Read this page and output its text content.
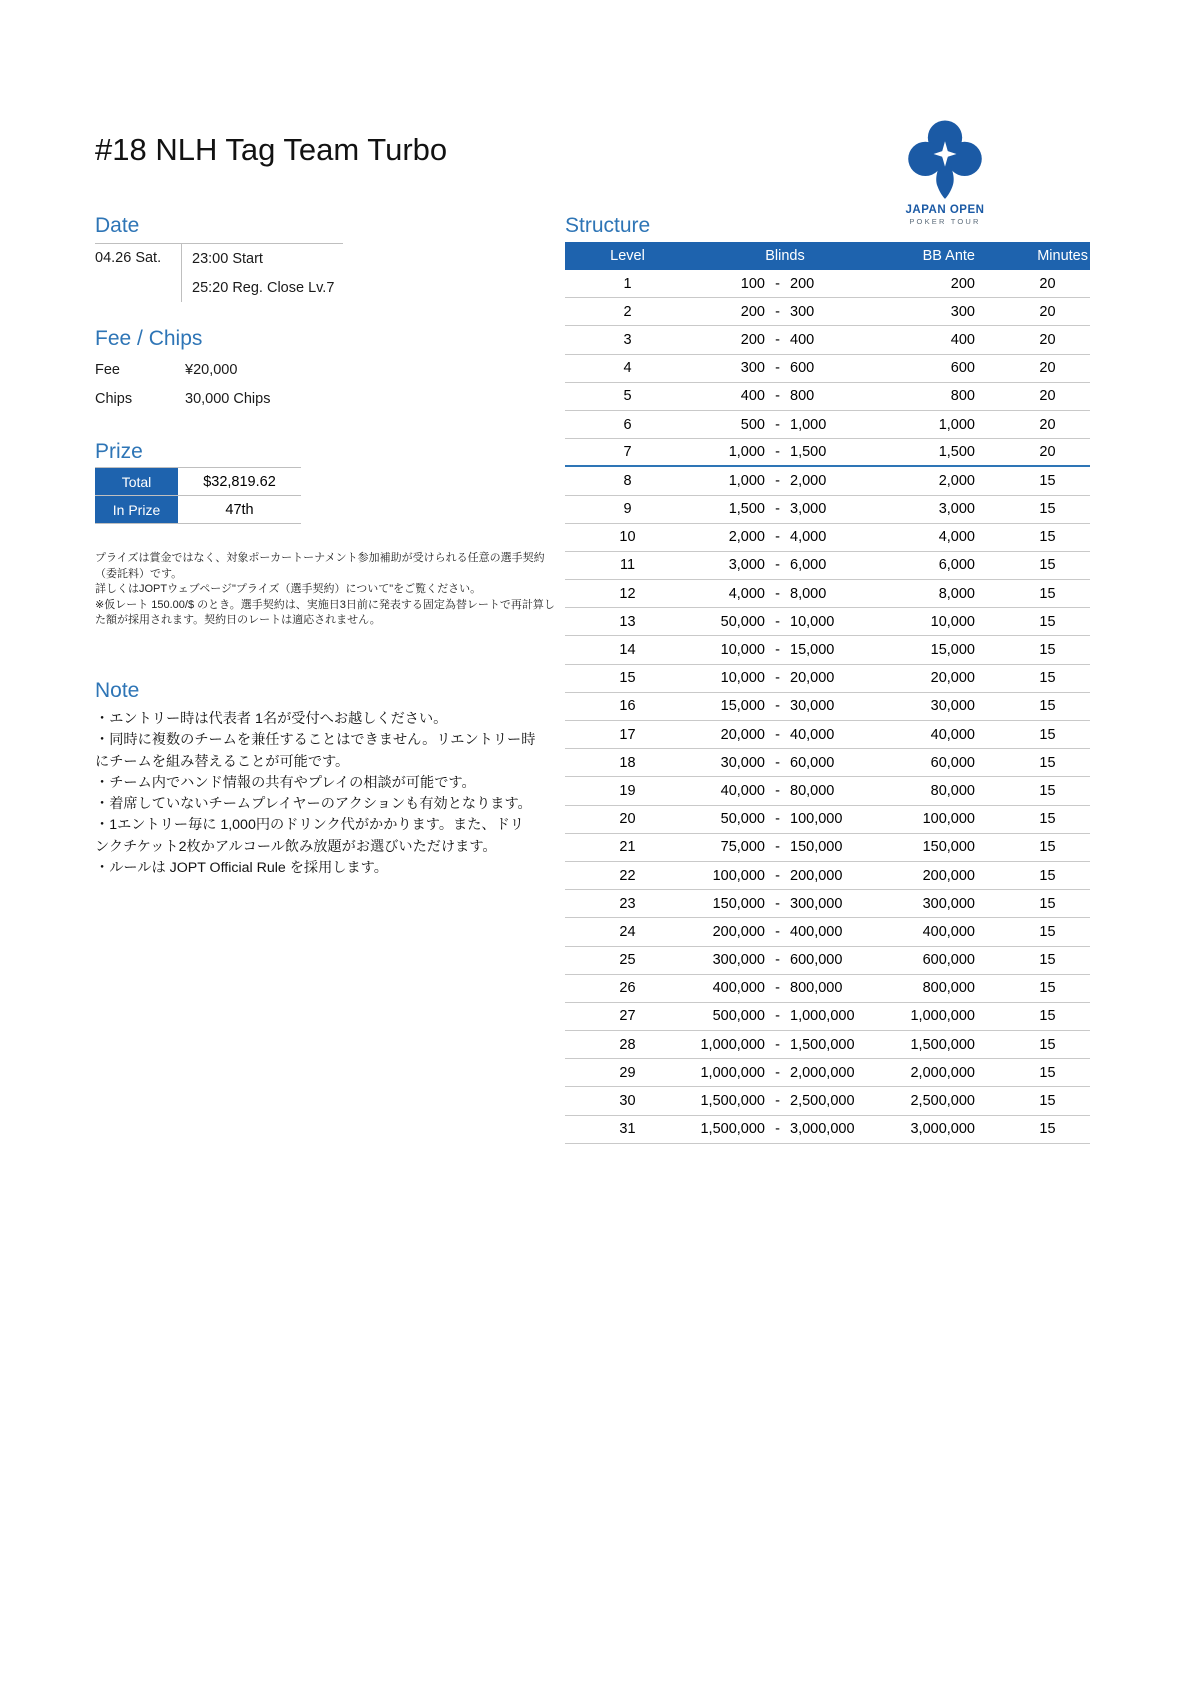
#18 NLH Tag Team Turbo
JAPAN OPEN
POKER TOUR
Date
04.26 Sat.	23:00 Start
25:20 Reg. Close Lv.7
Fee / Chips
Fee	¥20,000
Chips	30,000 Chips
Prize
Total	$32,819.62
In Prize	47th
プライズは賞金ではなく、対象ポーカートーナメント参加補助が受けられる任意の選手契約（委託料）です。
詳しくはJOPTウェブページ"プライズ（選手契約）について"をご覧ください。
※仮レート 150.00/$ のとき。選手契約は、実施日3日前に発表する固定為替レートで再計算した額が採用されます。契約日のレートは適応されません。
Note
・エントリー時は代表者 1名が受付へお越しください。
・同時に複数のチームを兼任することはできません。リエントリー時にチームを組み替えることが可能です。
・チーム内でハンド情報の共有やプレイの相談が可能です。
・着席していないチームプレイヤーのアクションも有効となります。
・1エントリー毎に 1,000円のドリンク代がかかります。また、ドリンクチケット2枚かアルコール飲み放題がお選びいただけます。
・ルールは JOPT Official Rule を採用します。
Structure
Level	Blinds	BB Ante	Minutes
1	100 - 200	200	20
2	200 - 300	300	20
3	200 - 400	400	20
4	300 - 600	600	20
5	400 - 800	800	20
6	500 - 1,000	1,000	20
7	1,000 - 1,500	1,500	20
8	1,000 - 2,000	2,000	15
9	1,500 - 3,000	3,000	15
10	2,000 - 4,000	4,000	15
11	3,000 - 6,000	6,000	15
12	4,000 - 8,000	8,000	15
13	50,000 - 10,000	10,000	15
14	10,000 - 15,000	15,000	15
15	10,000 - 20,000	20,000	15
16	15,000 - 30,000	30,000	15
17	20,000 - 40,000	40,000	15
18	30,000 - 60,000	60,000	15
19	40,000 - 80,000	80,000	15
20	50,000 - 100,000	100,000	15
21	75,000 - 150,000	150,000	15
22	100,000 - 200,000	200,000	15
23	150,000 - 300,000	300,000	15
24	200,000 - 400,000	400,000	15
25	300,000 - 600,000	600,000	15
26	400,000 - 800,000	800,000	15
27	500,000 - 1,000,000	1,000,000	15
28	1,000,000 - 1,500,000	1,500,000	15
29	1,000,000 - 2,000,000	2,000,000	15
30	1,500,000 - 2,500,000	2,500,000	15
31	1,500,000 - 3,000,000	3,000,000	15
